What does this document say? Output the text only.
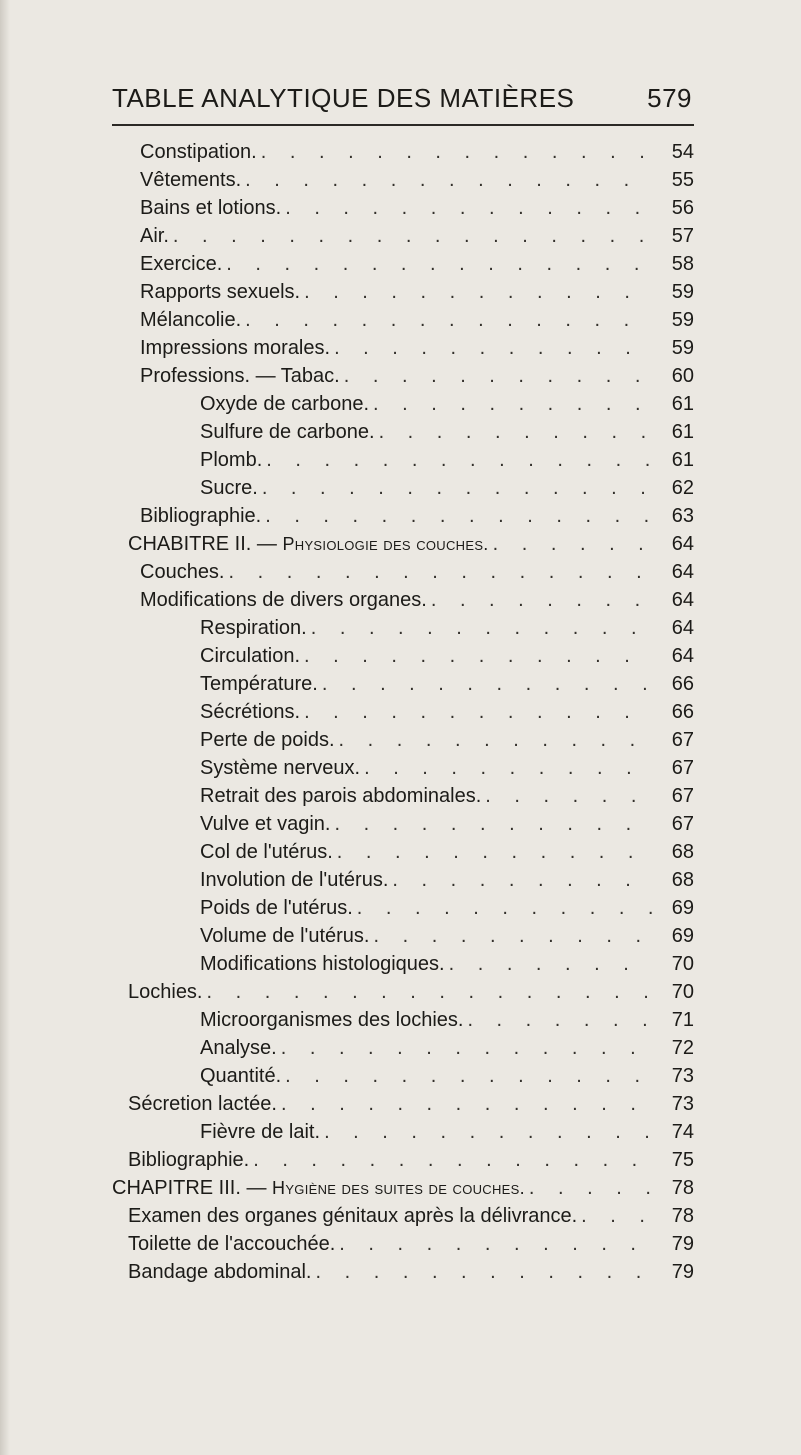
TABLE ANALYTIQUE DES MATIÈRES	579
Constipation. . . .	54
Vêtements. . . .	55
Bains et lotions. . . .	56
Air. . . .	57
Exercice. . . .	58
Rapports sexuels. . . .	59
Mélancolie. . . .	59
Impressions morales. . . .	59
Professions. — Tabac. . . .	60
Oxyde de carbone. . . .	61
Sulfure de carbone. . . .	61
Plomb. . . .	61
Sucre. . . .	62
Bibliographie. . . .	63
CHABITRE II. — Physiologie des couches. . . .	64
Couches. . . .	64
Modifications de divers organes. . . .	64
Respiration. . . .	64
Circulation. . . .	64
Température. . . .	66
Sécrétions. . . .	66
Perte de poids. . . .	67
Système nerveux. . . .	67
Retrait des parois abdominales. . . .	67
Vulve et vagin. . . .	67
Col de l'utérus. . . .	68
Involution de l'utérus. . . .	68
Poids de l'utérus. . . .	69
Volume de l'utérus. . . .	69
Modifications histologiques. . . .	70
Lochies. . . .	70
Microorganismes des lochies. . . .	71
Analyse. . . .	72
Quantité. . . .	73
Sécretion lactée. . . .	73
Fièvre de lait. . . .	74
Bibliographie. . . .	75
CHAPITRE III. — Hygiène des suites de couches. . . .	78
Examen des organes génitaux après la délivrance. . . .	78
Toilette de l'accouchée. . . .	79
Bandage abdominal. . . .	79
